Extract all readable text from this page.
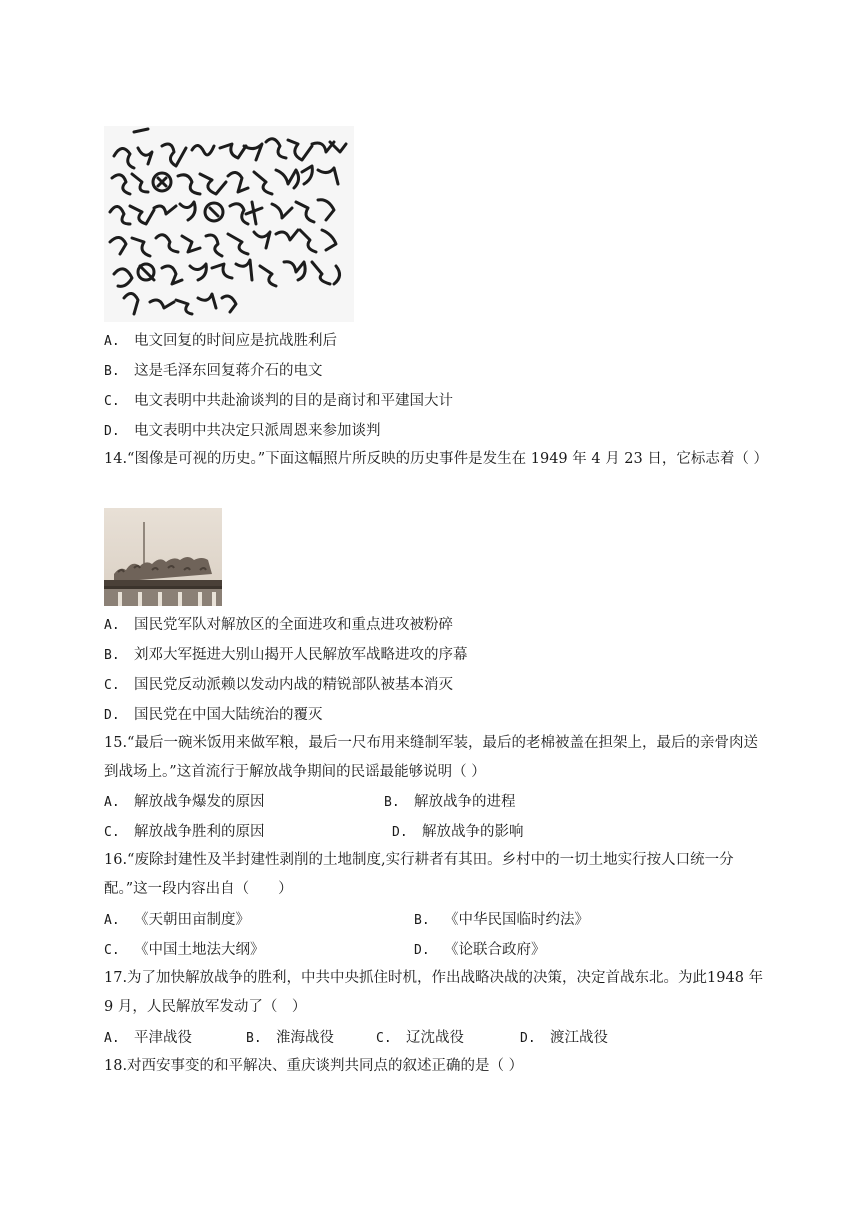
A. 电文回复的时间应是抗战胜利后
B. 这是毛泽东回复蒋介石的电文
C. 电文表明中共赴渝谈判的目的是商讨和平建国大计
D. 电文表明中共决定只派周恩来参加谈判
14.“图像是可视的历史。”下面这幅照片所反映的历史事件是发生在 1949 年 4 月 23 日，它标志着（ ）
A. 国民党军队对解放区的全面进攻和重点进攻被粉碎
B. 刘邓大军挺进大别山揭开人民解放军战略进攻的序幕
C. 国民党反动派赖以发动内战的精锐部队被基本消灭
D. 国民党在中国大陆统治的覆灭
15.“最后一碗米饭用来做军粮，最后一尺布用来缝制军装，最后的老棉被盖在担架上，最后的亲骨肉送到战场上。”这首流行于解放战争期间的民谣最能够说明（ ）
A. 解放战争爆发的原因	B. 解放战争的进程
C. 解放战争胜利的原因	D. 解放战争的影响
16.“废除封建性及半封建性剥削的土地制度,实行耕者有其田。乡村中的一切土地实行按人口统一分配。”这一段内容出自（　　）
A. 《天朝田亩制度》	B. 《中华民国临时约法》
C. 《中国土地法大纲》	D. 《论联合政府》
17.为了加快解放战争的胜利，中共中央抓住时机，作出战略决战的决策，决定首战东北。为此1948 年 9 月，人民解放军发动了（　）
A. 平津战役	B. 淮海战役	C. 辽沈战役	D. 渡江战役
18.对西安事变的和平解决、重庆谈判共同点的叙述正确的是（ ）
